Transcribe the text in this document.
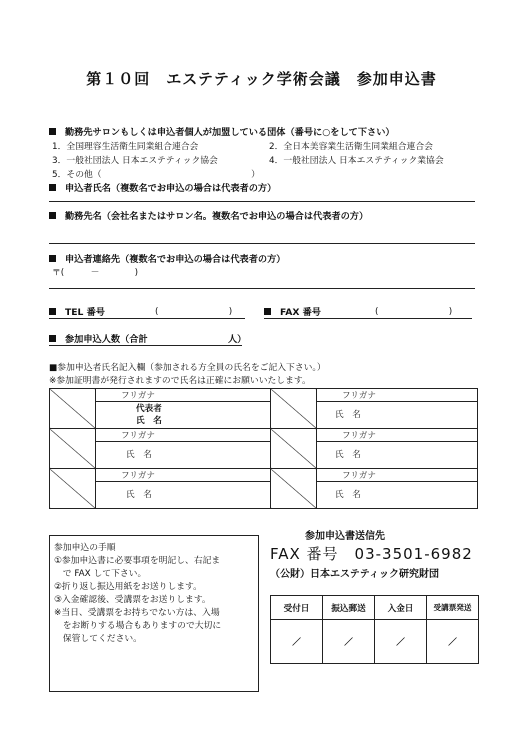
第１０回　エステティック学術会議　参加申込書
勤務先サロンもしくは申込者個人が加盟している団体（番号に○をして下さい）
1．全国理容生活衛生同業組合連合会	2．全日本美容業生活衛生同業組合連合会
3．一般社団法人 日本エステティック協会	4．一般社団法人 日本エステティック業協会
5．その他（　　　　　　　　　　　　　　　　　）
申込者氏名（複数名でお申込の場合は代表者の方）
勤務先名（会社名またはサロン名。複数名でお申込の場合は代表者の方）
申込者連絡先（複数名でお申込の場合は代表者の方）
〒(　　　－　　　　)
TEL 番号	(　　　　　　　　)	FAX 番号	(　　　　　　　　)
参加申込人数（合計	人）
■参加申込者氏名記入欄（参加される方全員の氏名をご記入下さい。）
※参加証明書が発行されますので氏名は正確にお願いいたします。
	フリガナ		フリガナ

	代表者
氏　名		氏　名
	フリガナ		フリガナ
	氏　名		氏　名
	フリガナ		フリガナ
	氏　名		氏　名
参加申込の手順
①参加申込書に必要事項を明記し、右記ま
　で FAX して下さい。
②折り返し振込用紙をお送りします。
③入金確認後、受講票をお送りします。
※当日、受講票をお持ちでない方は、入場
　をお断りする場合もありますので大切に
　保管してください。
参加申込書送信先
FAX 番号　03-3501-6982
（公財）日本エステティック研究財団
受付日	振込郵送	入金日	受講票発送
／	／	／	／
